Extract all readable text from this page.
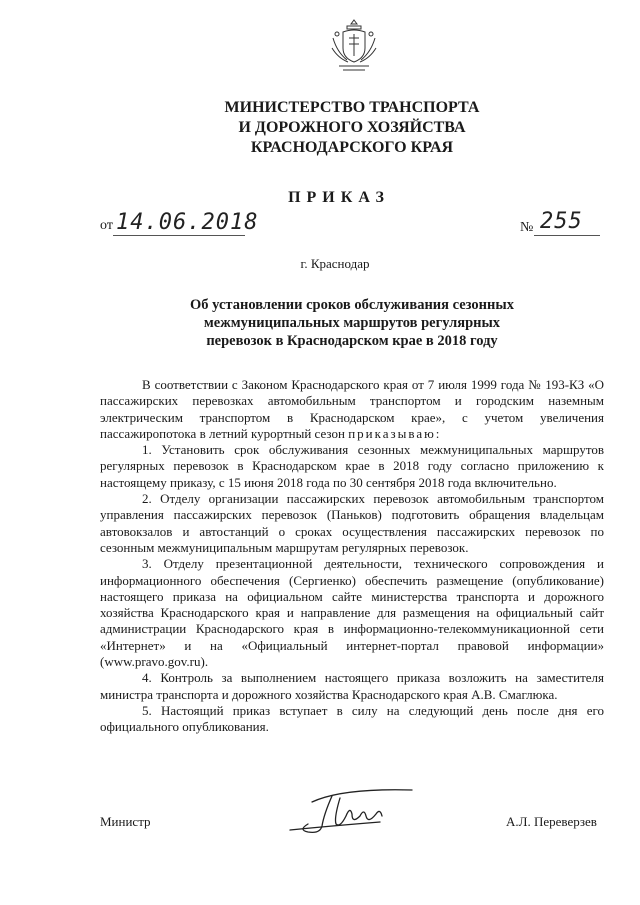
МИНИСТЕРСТВО ТРАНСПОРТА
И ДОРОЖНОГО ХОЗЯЙСТВА
КРАСНОДАРСКОГО КРАЯ
ПРИКАЗ
от 14.06.2018	№ 255
г. Краснодар
Об установлении сроков обслуживания сезонных
межмуниципальных маршрутов регулярных
перевозок в Краснодарском крае в 2018 году

В соответствии с Законом Краснодарского края от 7 июля 1999 года № 193-КЗ «О пассажирских перевозках автомобильным транспортом и городским наземным электрическим транспортом в Краснодарском крае», с учетом увеличения пассажиропотока в летний курортный сезон приказываю:

1. Установить срок обслуживания сезонных межмуниципальных маршрутов регулярных перевозок в Краснодарском крае в 2018 году согласно приложению к настоящему приказу, с 15 июня 2018 года по 30 сентября 2018 года включительно.

2. Отделу организации пассажирских перевозок автомобильным транспортом управления пассажирских перевозок (Паньков) подготовить обращения владельцам автовокзалов и автостанций о сроках осуществления пассажирских перевозок по сезонным межмуниципальным маршрутам регулярных перевозок.

3. Отделу презентационной деятельности, технического сопровождения и информационного обеспечения (Сергиенко) обеспечить размещение (опубликование) настоящего приказа на официальном сайте министерства транспорта и дорожного хозяйства Краснодарского края и направление для размещения на официальный сайт администрации Краснодарского края в информационно-телекоммуникационной сети «Интернет» и на «Официальный интернет-портал правовой информации» (www.pravo.gov.ru).

4. Контроль за выполнением настоящего приказа возложить на заместителя министра транспорта и дорожного хозяйства Краснодарского края А.В. Смаглюка.

5. Настоящий приказ вступает в силу на следующий день после дня его официального опубликования.

Министр	А.Л. Переверзев
